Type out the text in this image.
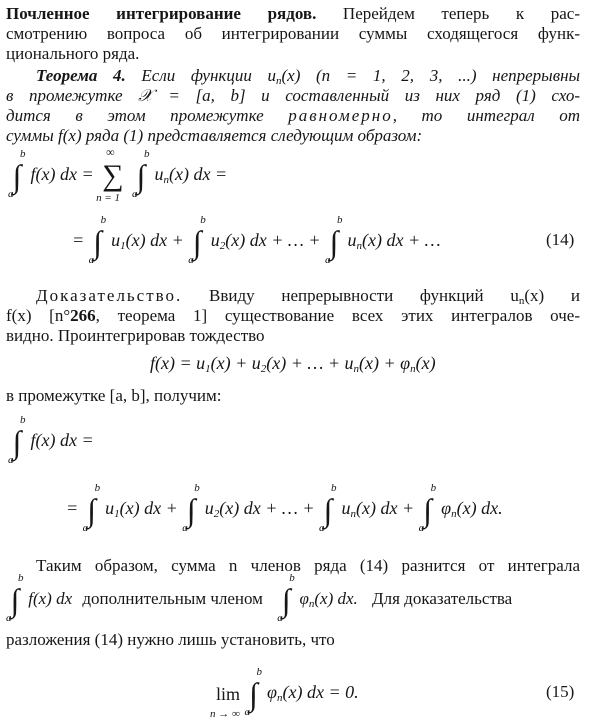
Почленное интегрирование рядов. Перейдем теперь к рас-
смотрению вопроса об интегрировании суммы сходящегося функ-
ционального ряда.
Теорема 4. Если функции $u_n(x) (n = 1$, 2, 3, ...) непрерывны
в промежутке 𝒳 = [a, b] и составленный из них ряд (1) схо-
дится в этом промежутке равномерно, то интеграл от
суммы f(x) ряда (1) представляется следующим образом:
b
∫
a
f(x) dx =
∞
∑
n = 1

b
∫
a
$u_n(x)$ dx =
=
b
∫
a
$u_1(x)$ dx +
b
∫
a
$u_2(x)$ dx + … +
b
∫
a
$u_n(x)$ dx + …	(14)
Доказательство. Ввиду непрерывности функций $u_n(x)$ и
f(x) [n°266, теорема 1] существование всех этих интегралов оче-
видно. Проинтегрировав тождество
$f(x) = u_1(x) + u_2(x)$ + … + $u_n(x) + \varphi_n(x)$
в промежутке [a, b], получим:
b
∫
a
f(x) dx =
=
b
∫
a
$u_1(x)$ dx +
b
∫
a
$u_2(x)$ dx + … +
b
∫
a
$u_n(x)$ dx +
b
∫
a
$\varphi_n(x)$ dx.
Таким образом, сумма n членов ряда (14) разнится от интеграла
b
∫
a
f(x) dx дополнительным членом
b
∫
a
$\varphi_n(x)$ dx. Для доказательства
разложения (14) нужно лишь установить, что
lim
n → ∞

b
∫
a
$\varphi_n(x)$ dx = 0.	(15)
